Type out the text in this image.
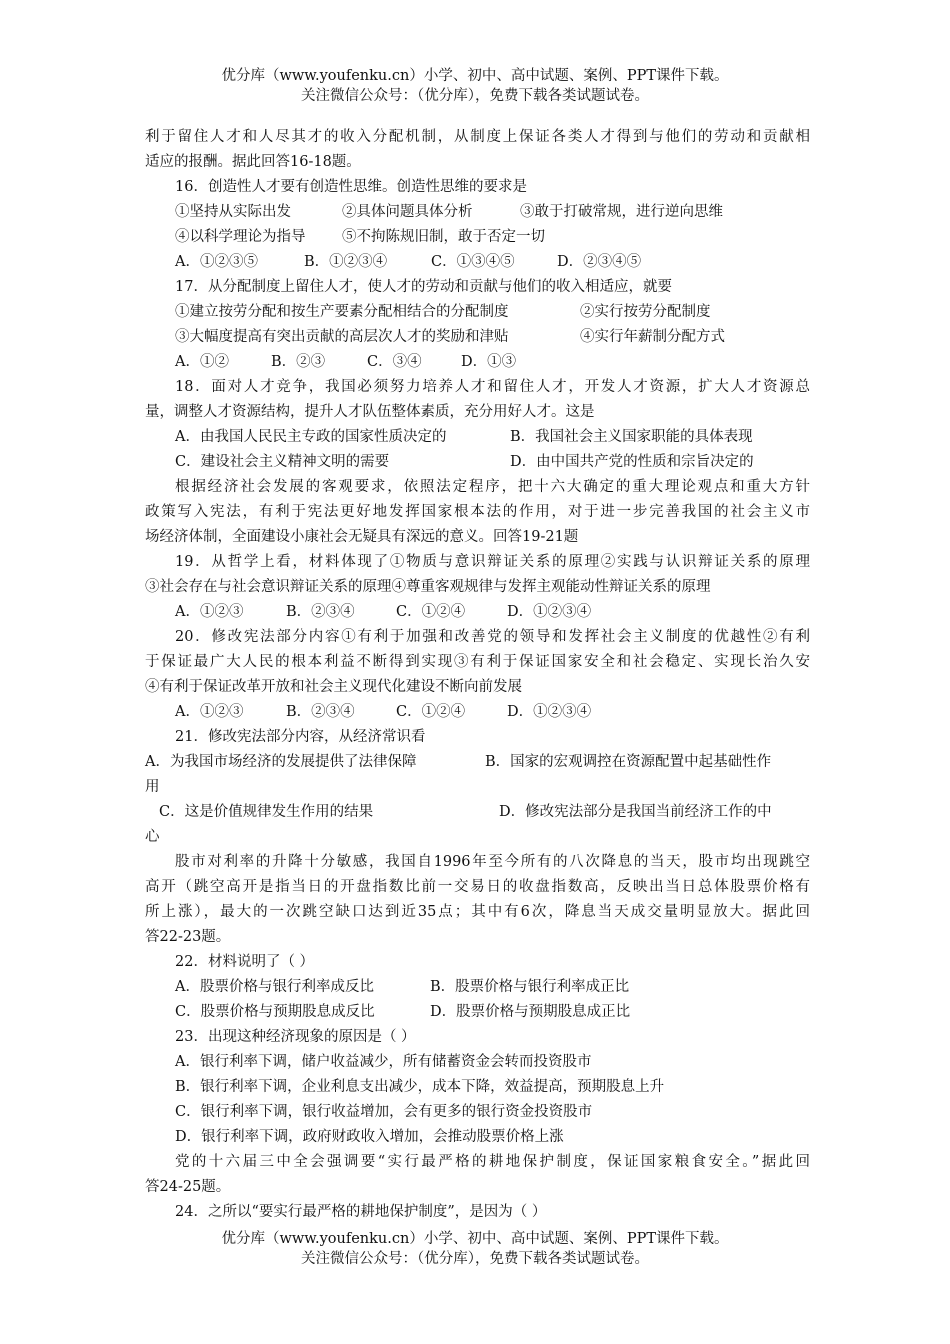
优分库（www.youfenku.cn）小学、初中、高中试题、案例、PPT课件下载。
关注微信公众号：（优分库），免费下载各类试题试卷。
利于留住人才和人尽其才的收入分配机制，从制度上保证各类人才得到与他们的劳动和贡献相
适应的报酬。据此回答16-18题。
16．创造性人才要有创造性思维。创造性思维的要求是
①坚持从实际出发	②具体问题具体分析	③敢于打破常规，进行逆向思维
④以科学理论为指导	⑤不拘陈规旧制，敢于否定一切
A．①②③⑤	B．①②③④	C．①③④⑤	D．②③④⑤
17．从分配制度上留住人才，使人才的劳动和贡献与他们的收入相适应，就要
①建立按劳分配和按生产要素分配相结合的分配制度	②实行按劳分配制度
③大幅度提高有突出贡献的高层次人才的奖励和津贴	④实行年薪制分配方式
A．①②	B．②③	C．③④	D．①③
18．面对人才竞争，我国必须努力培养人才和留住人才，开发人才资源，扩大人才资源总
量，调整人才资源结构，提升人才队伍整体素质，充分用好人才。这是
A．由我国人民民主专政的国家性质决定的	B．我国社会主义国家职能的具体表现
C．建设社会主义精神文明的需要	D．由中国共产党的性质和宗旨决定的
根据经济社会发展的客观要求，依照法定程序，把十六大确定的重大理论观点和重大方针
政策写入宪法，有利于宪法更好地发挥国家根本法的作用，对于进一步完善我国的社会主义市
场经济体制，全面建设小康社会无疑具有深远的意义。回答19-21题
19．从哲学上看，材料体现了①物质与意识辩证关系的原理②实践与认识辩证关系的原理
③社会存在与社会意识辩证关系的原理④尊重客观规律与发挥主观能动性辩证关系的原理
A．①②③	B．②③④	C．①②④	D．①②③④
20．修改宪法部分内容①有利于加强和改善党的领导和发挥社会主义制度的优越性②有利
于保证最广大人民的根本利益不断得到实现③有利于保证国家安全和社会稳定、实现长治久安
④有利于保证改革开放和社会主义现代化建设不断向前发展
A．①②③	B．②③④	C．①②④	D．①②③④
21．修改宪法部分内容，从经济常识看
A．为我国市场经济的发展提供了法律保障	B．国家的宏观调控在资源配置中起基础性作
用
C．这是价值规律发生作用的结果	D．修改宪法部分是我国当前经济工作的中
心
股市对利率的升降十分敏感，我国自1996年至今所有的八次降息的当天，股市均出现跳空
高开（跳空高开是指当日的开盘指数比前一交易日的收盘指数高，反映出当日总体股票价格有
所上涨），最大的一次跳空缺口达到近35点；其中有6次，降息当天成交量明显放大。据此回
答22-23题。
22．材料说明了（ ）
A．股票价格与银行利率成反比	B．股票价格与银行利率成正比
C．股票价格与预期股息成反比	D．股票价格与预期股息成正比
23．出现这种经济现象的原因是（ ）
A．银行利率下调，储户收益减少，所有储蓄资金会转而投资股市
B．银行利率下调，企业利息支出减少，成本下降，效益提高，预期股息上升
C．银行利率下调，银行收益增加，会有更多的银行资金投资股市
D．银行利率下调，政府财政收入增加，会推动股票价格上涨
党的十六届三中全会强调要“实行最严格的耕地保护制度，保证国家粮食安全。”据此回
答24-25题。
24．之所以“要实行最严格的耕地保护制度”，是因为（ ）
优分库（www.youfenku.cn）小学、初中、高中试题、案例、PPT课件下载。
关注微信公众号：（优分库），免费下载各类试题试卷。
